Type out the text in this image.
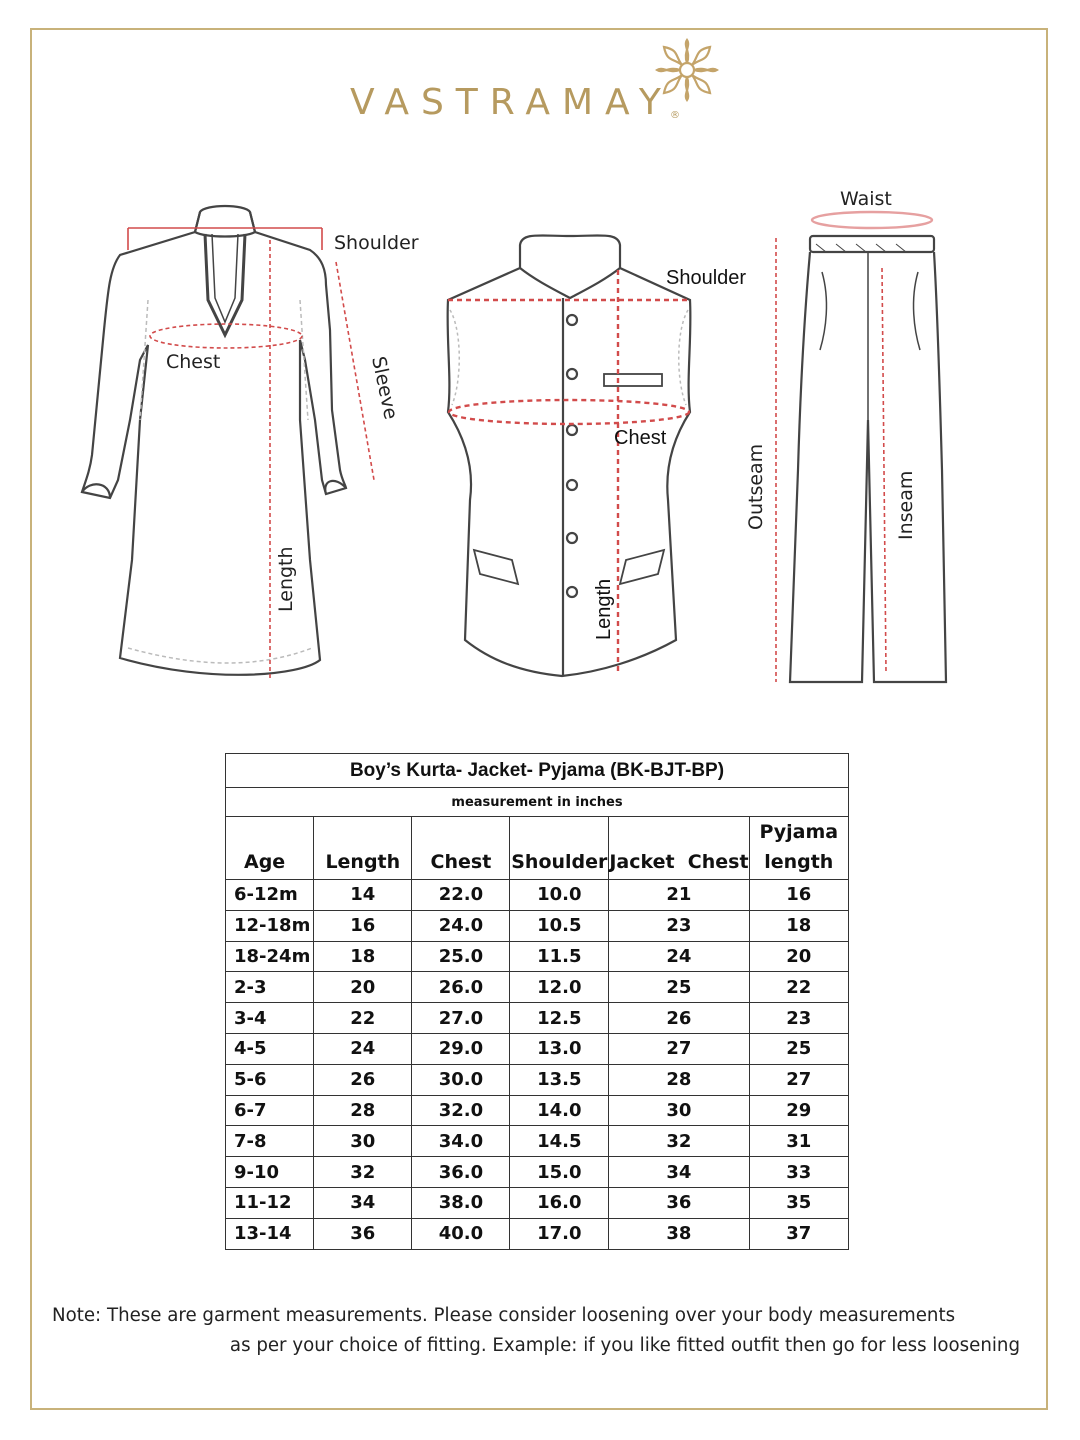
VASTRAMAY
®
Shoulder
Chest	Sleeve
Length
Shoulder
Chest
Length
Waist
Outseam	Inseam
Boy’s Kurta- Jacket- Pyjama (BK-BJT-BP)					
measurement in inches					
Age	Length	Chest	Shoulder	Jacket  Chest	Pyjama
length
6-12m	14	22.0	10.0	21	16
12-18m	16	24.0	10.5	23	18
18-24m	18	25.0	11.5	24	20
2-3	20	26.0	12.0	25	22
3-4	22	27.0	12.5	26	23
4-5	24	29.0	13.0	27	25
5-6	26	30.0	13.5	28	27
6-7	28	32.0	14.0	30	29
7-8	30	34.0	14.5	32	31
9-10	32	36.0	15.0	34	33
11-12	34	38.0	16.0	36	35
13-14	36	40.0	17.0	38	37
Note: These are garment measurements. Please consider loosening over your body measurements
as per your choice of fitting. Example: if you like fitted outfit then go for less loosening
